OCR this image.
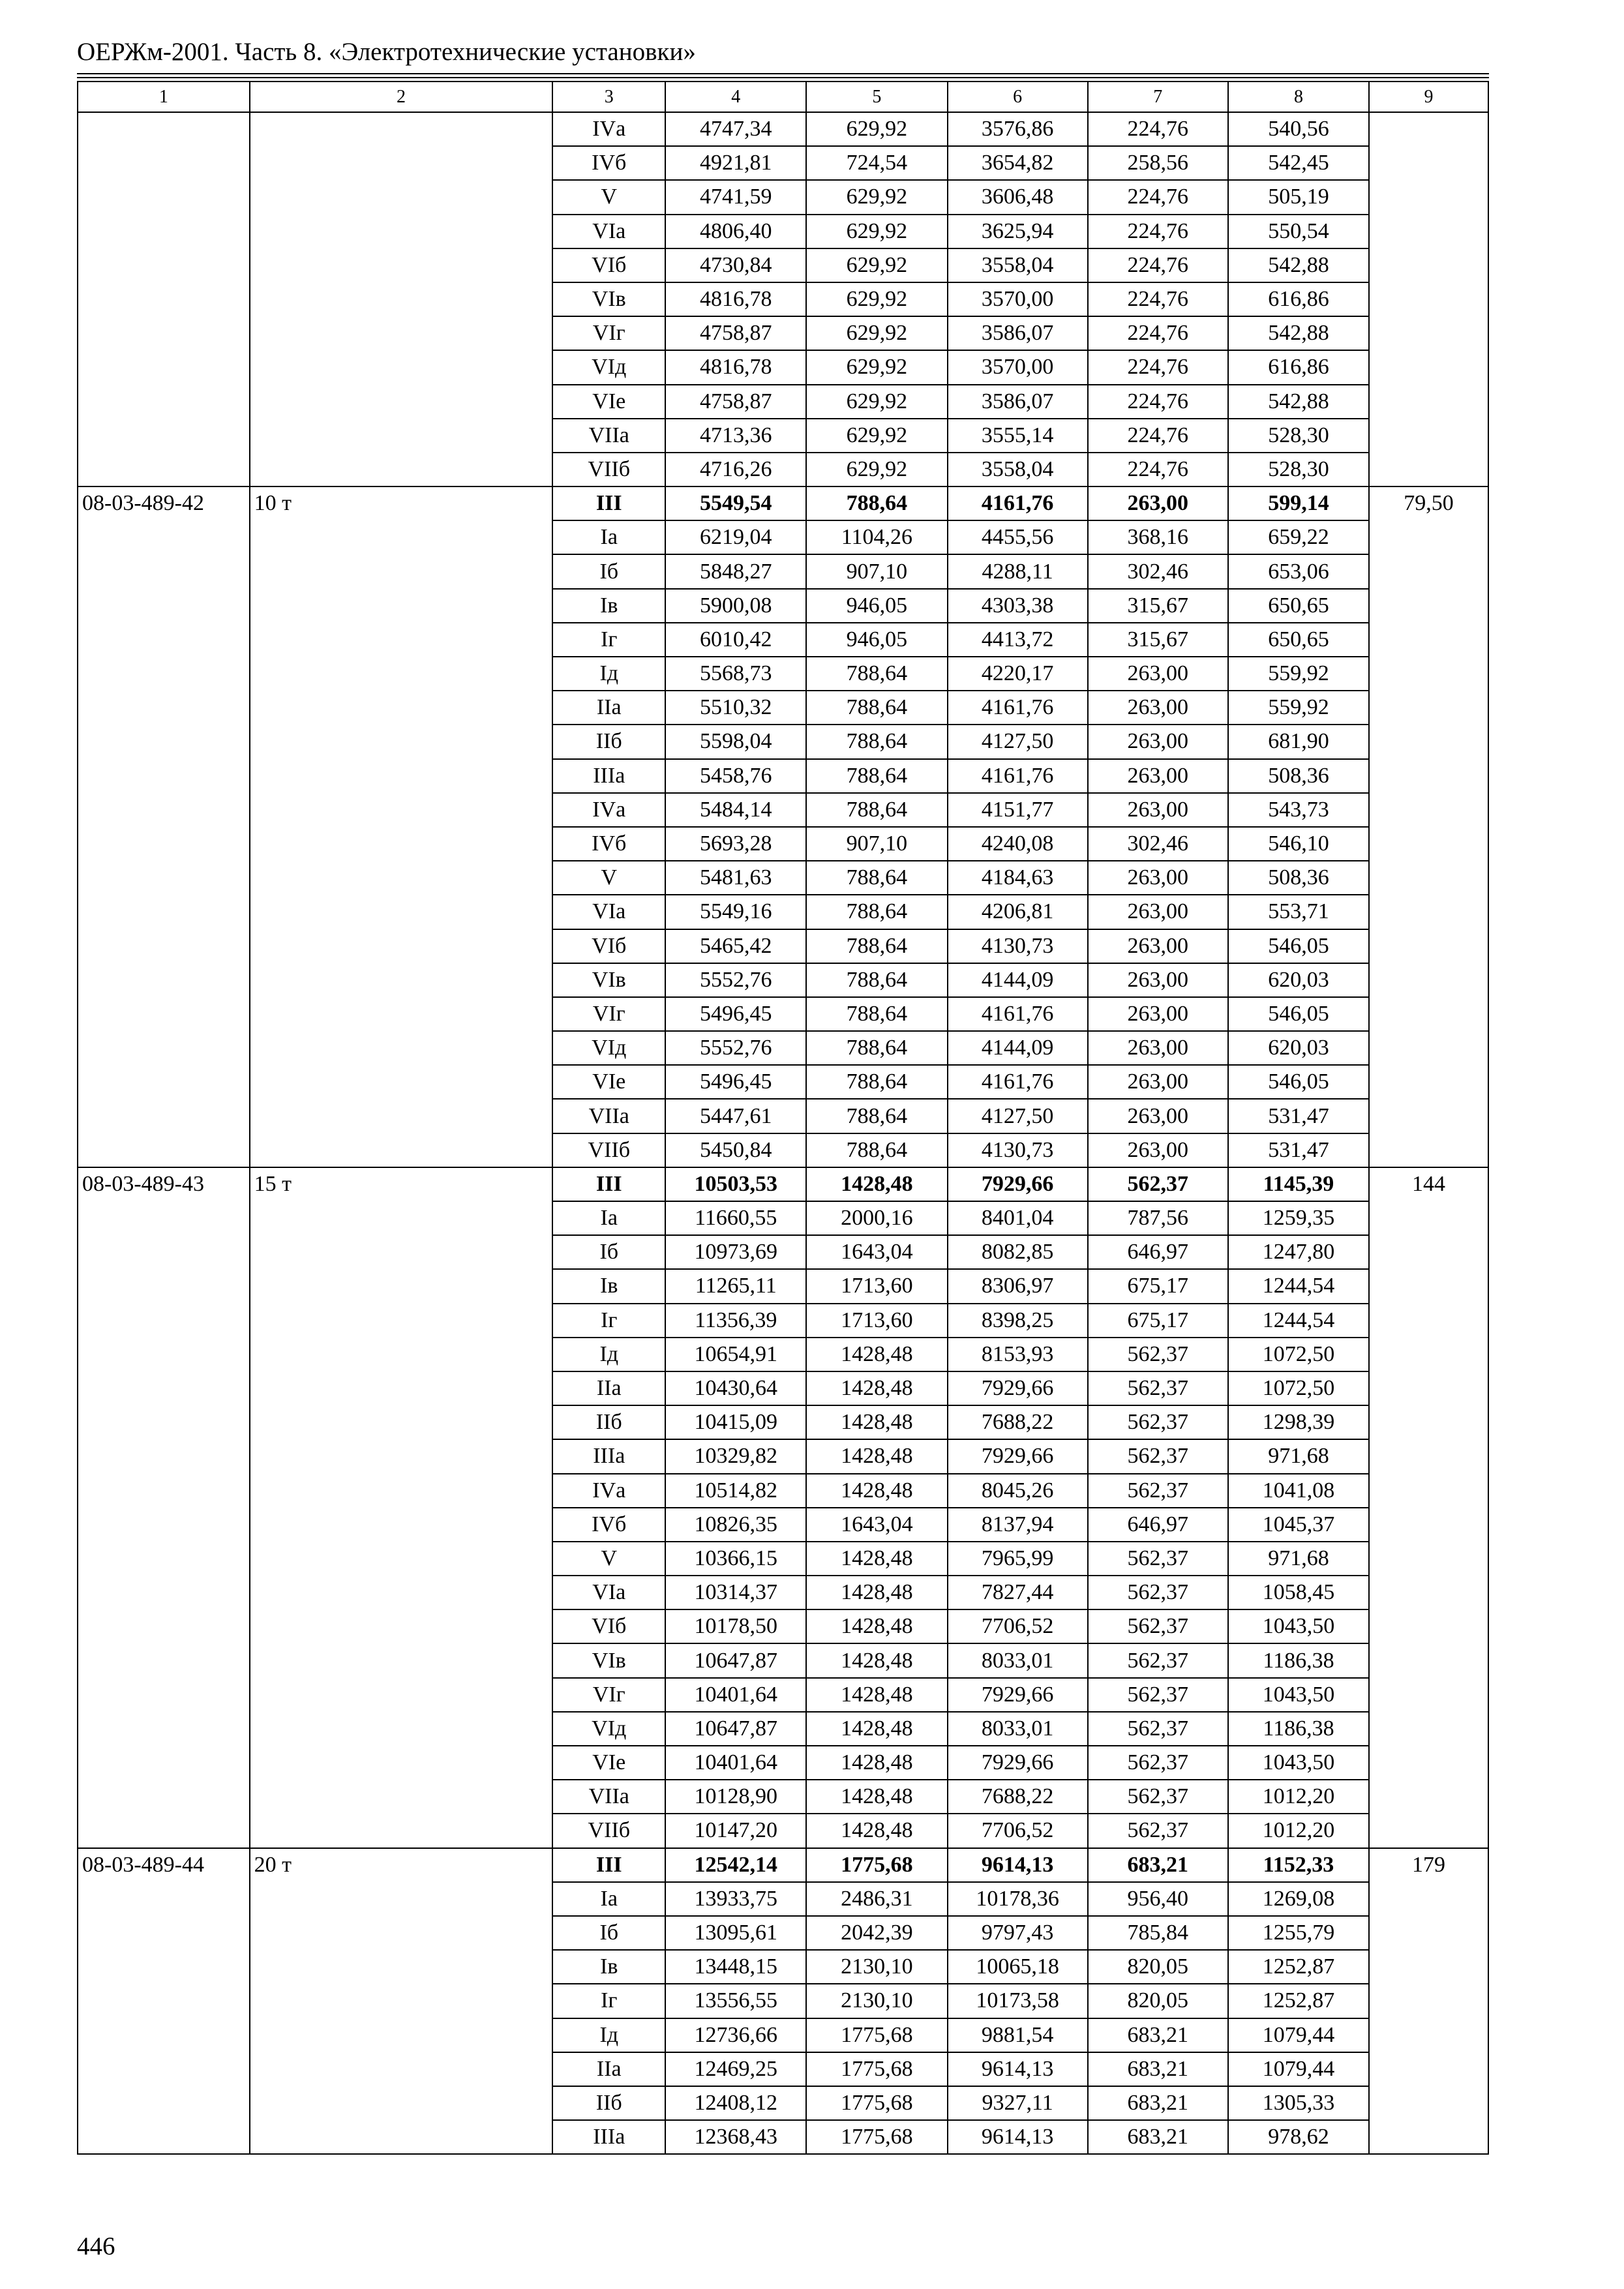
ОЕРЖм-2001. Часть 8. «Электротехнические установки»
1	2	3	4	5	6	7	8	9
		IVа	4747,34	629,92	3576,86	224,76	540,56	
		IVб	4921,81	724,54	3654,82	258,56	542,45	
		V	4741,59	629,92	3606,48	224,76	505,19	
		VIа	4806,40	629,92	3625,94	224,76	550,54	
		VIб	4730,84	629,92	3558,04	224,76	542,88	
		VIв	4816,78	629,92	3570,00	224,76	616,86	
		VIг	4758,87	629,92	3586,07	224,76	542,88	
		VIд	4816,78	629,92	3570,00	224,76	616,86	
		VIе	4758,87	629,92	3586,07	224,76	542,88	
		VIIа	4713,36	629,92	3555,14	224,76	528,30	
		VIIб	4716,26	629,92	3558,04	224,76	528,30	
08-03-489-42	10 т	III	5549,54	788,64	4161,76	263,00	599,14	79,50
		Iа	6219,04	1104,26	4455,56	368,16	659,22	
		Iб	5848,27	907,10	4288,11	302,46	653,06	
		Iв	5900,08	946,05	4303,38	315,67	650,65	
		Iг	6010,42	946,05	4413,72	315,67	650,65	
		Iд	5568,73	788,64	4220,17	263,00	559,92	
		IIа	5510,32	788,64	4161,76	263,00	559,92	
		IIб	5598,04	788,64	4127,50	263,00	681,90	
		IIIа	5458,76	788,64	4161,76	263,00	508,36	
		IVа	5484,14	788,64	4151,77	263,00	543,73	
		IVб	5693,28	907,10	4240,08	302,46	546,10	
		V	5481,63	788,64	4184,63	263,00	508,36	
		VIа	5549,16	788,64	4206,81	263,00	553,71	
		VIб	5465,42	788,64	4130,73	263,00	546,05	
		VIв	5552,76	788,64	4144,09	263,00	620,03	
		VIг	5496,45	788,64	4161,76	263,00	546,05	
		VIд	5552,76	788,64	4144,09	263,00	620,03	
		VIе	5496,45	788,64	4161,76	263,00	546,05	
		VIIа	5447,61	788,64	4127,50	263,00	531,47	
		VIIб	5450,84	788,64	4130,73	263,00	531,47	
08-03-489-43	15 т	III	10503,53	1428,48	7929,66	562,37	1145,39	144
		Iа	11660,55	2000,16	8401,04	787,56	1259,35	
		Iб	10973,69	1643,04	8082,85	646,97	1247,80	
		Iв	11265,11	1713,60	8306,97	675,17	1244,54	
		Iг	11356,39	1713,60	8398,25	675,17	1244,54	
		Iд	10654,91	1428,48	8153,93	562,37	1072,50	
		IIа	10430,64	1428,48	7929,66	562,37	1072,50	
		IIб	10415,09	1428,48	7688,22	562,37	1298,39	
		IIIа	10329,82	1428,48	7929,66	562,37	971,68	
		IVа	10514,82	1428,48	8045,26	562,37	1041,08	
		IVб	10826,35	1643,04	8137,94	646,97	1045,37	
		V	10366,15	1428,48	7965,99	562,37	971,68	
		VIа	10314,37	1428,48	7827,44	562,37	1058,45	
		VIб	10178,50	1428,48	7706,52	562,37	1043,50	
		VIв	10647,87	1428,48	8033,01	562,37	1186,38	
		VIг	10401,64	1428,48	7929,66	562,37	1043,50	
		VIд	10647,87	1428,48	8033,01	562,37	1186,38	
		VIе	10401,64	1428,48	7929,66	562,37	1043,50	
		VIIа	10128,90	1428,48	7688,22	562,37	1012,20	
		VIIб	10147,20	1428,48	7706,52	562,37	1012,20	
08-03-489-44	20 т	III	12542,14	1775,68	9614,13	683,21	1152,33	179
		Iа	13933,75	2486,31	10178,36	956,40	1269,08	
		Iб	13095,61	2042,39	9797,43	785,84	1255,79	
		Iв	13448,15	2130,10	10065,18	820,05	1252,87	
		Iг	13556,55	2130,10	10173,58	820,05	1252,87	
		Iд	12736,66	1775,68	9881,54	683,21	1079,44	
		IIа	12469,25	1775,68	9614,13	683,21	1079,44	
		IIб	12408,12	1775,68	9327,11	683,21	1305,33	
		IIIа	12368,43	1775,68	9614,13	683,21	978,62	
446
